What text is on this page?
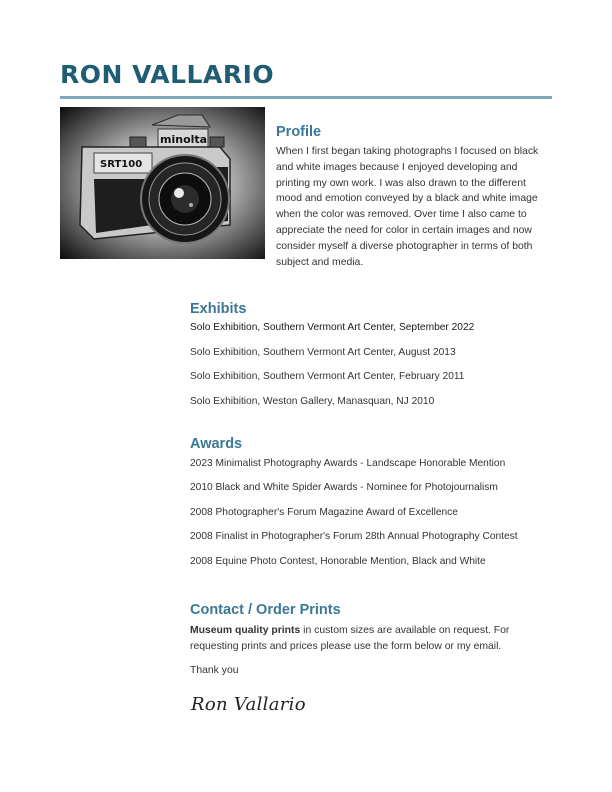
RON VALLARIO
minolta
SRT100
Profile

When I first began taking photographs I focused on black and white images because I enjoyed developing and printing my own work. I was also drawn to the different mood and emotion conveyed by a black and white image when the color was removed. Over time I also came to appreciate the need for color in certain images and now consider myself a diverse photographer in terms of both subject and media.

Exhibits

Solo Exhibition, Southern Vermont Art Center, September 2022

Solo Exhibition, Southern Vermont Art Center, August 2013

Solo Exhibition, Southern Vermont Art Center, February 2011

Solo Exhibition, Weston Gallery, Manasquan, NJ 2010

Awards

2023 Minimalist Photography Awards - Landscape Honorable Mention

2010 Black and White Spider Awards - Nominee for Photojournalism

2008 Photographer's Forum Magazine Award of Excellence

2008 Finalist in Photographer's Forum 28th Annual Photography Contest

2008 Equine Photo Contest, Honorable Mention, Black and White

Contact / Order Prints

Museum quality prints in custom sizes are available on request. For requesting prints and prices please use the form below or my email.

Thank you

Ron Vallario
